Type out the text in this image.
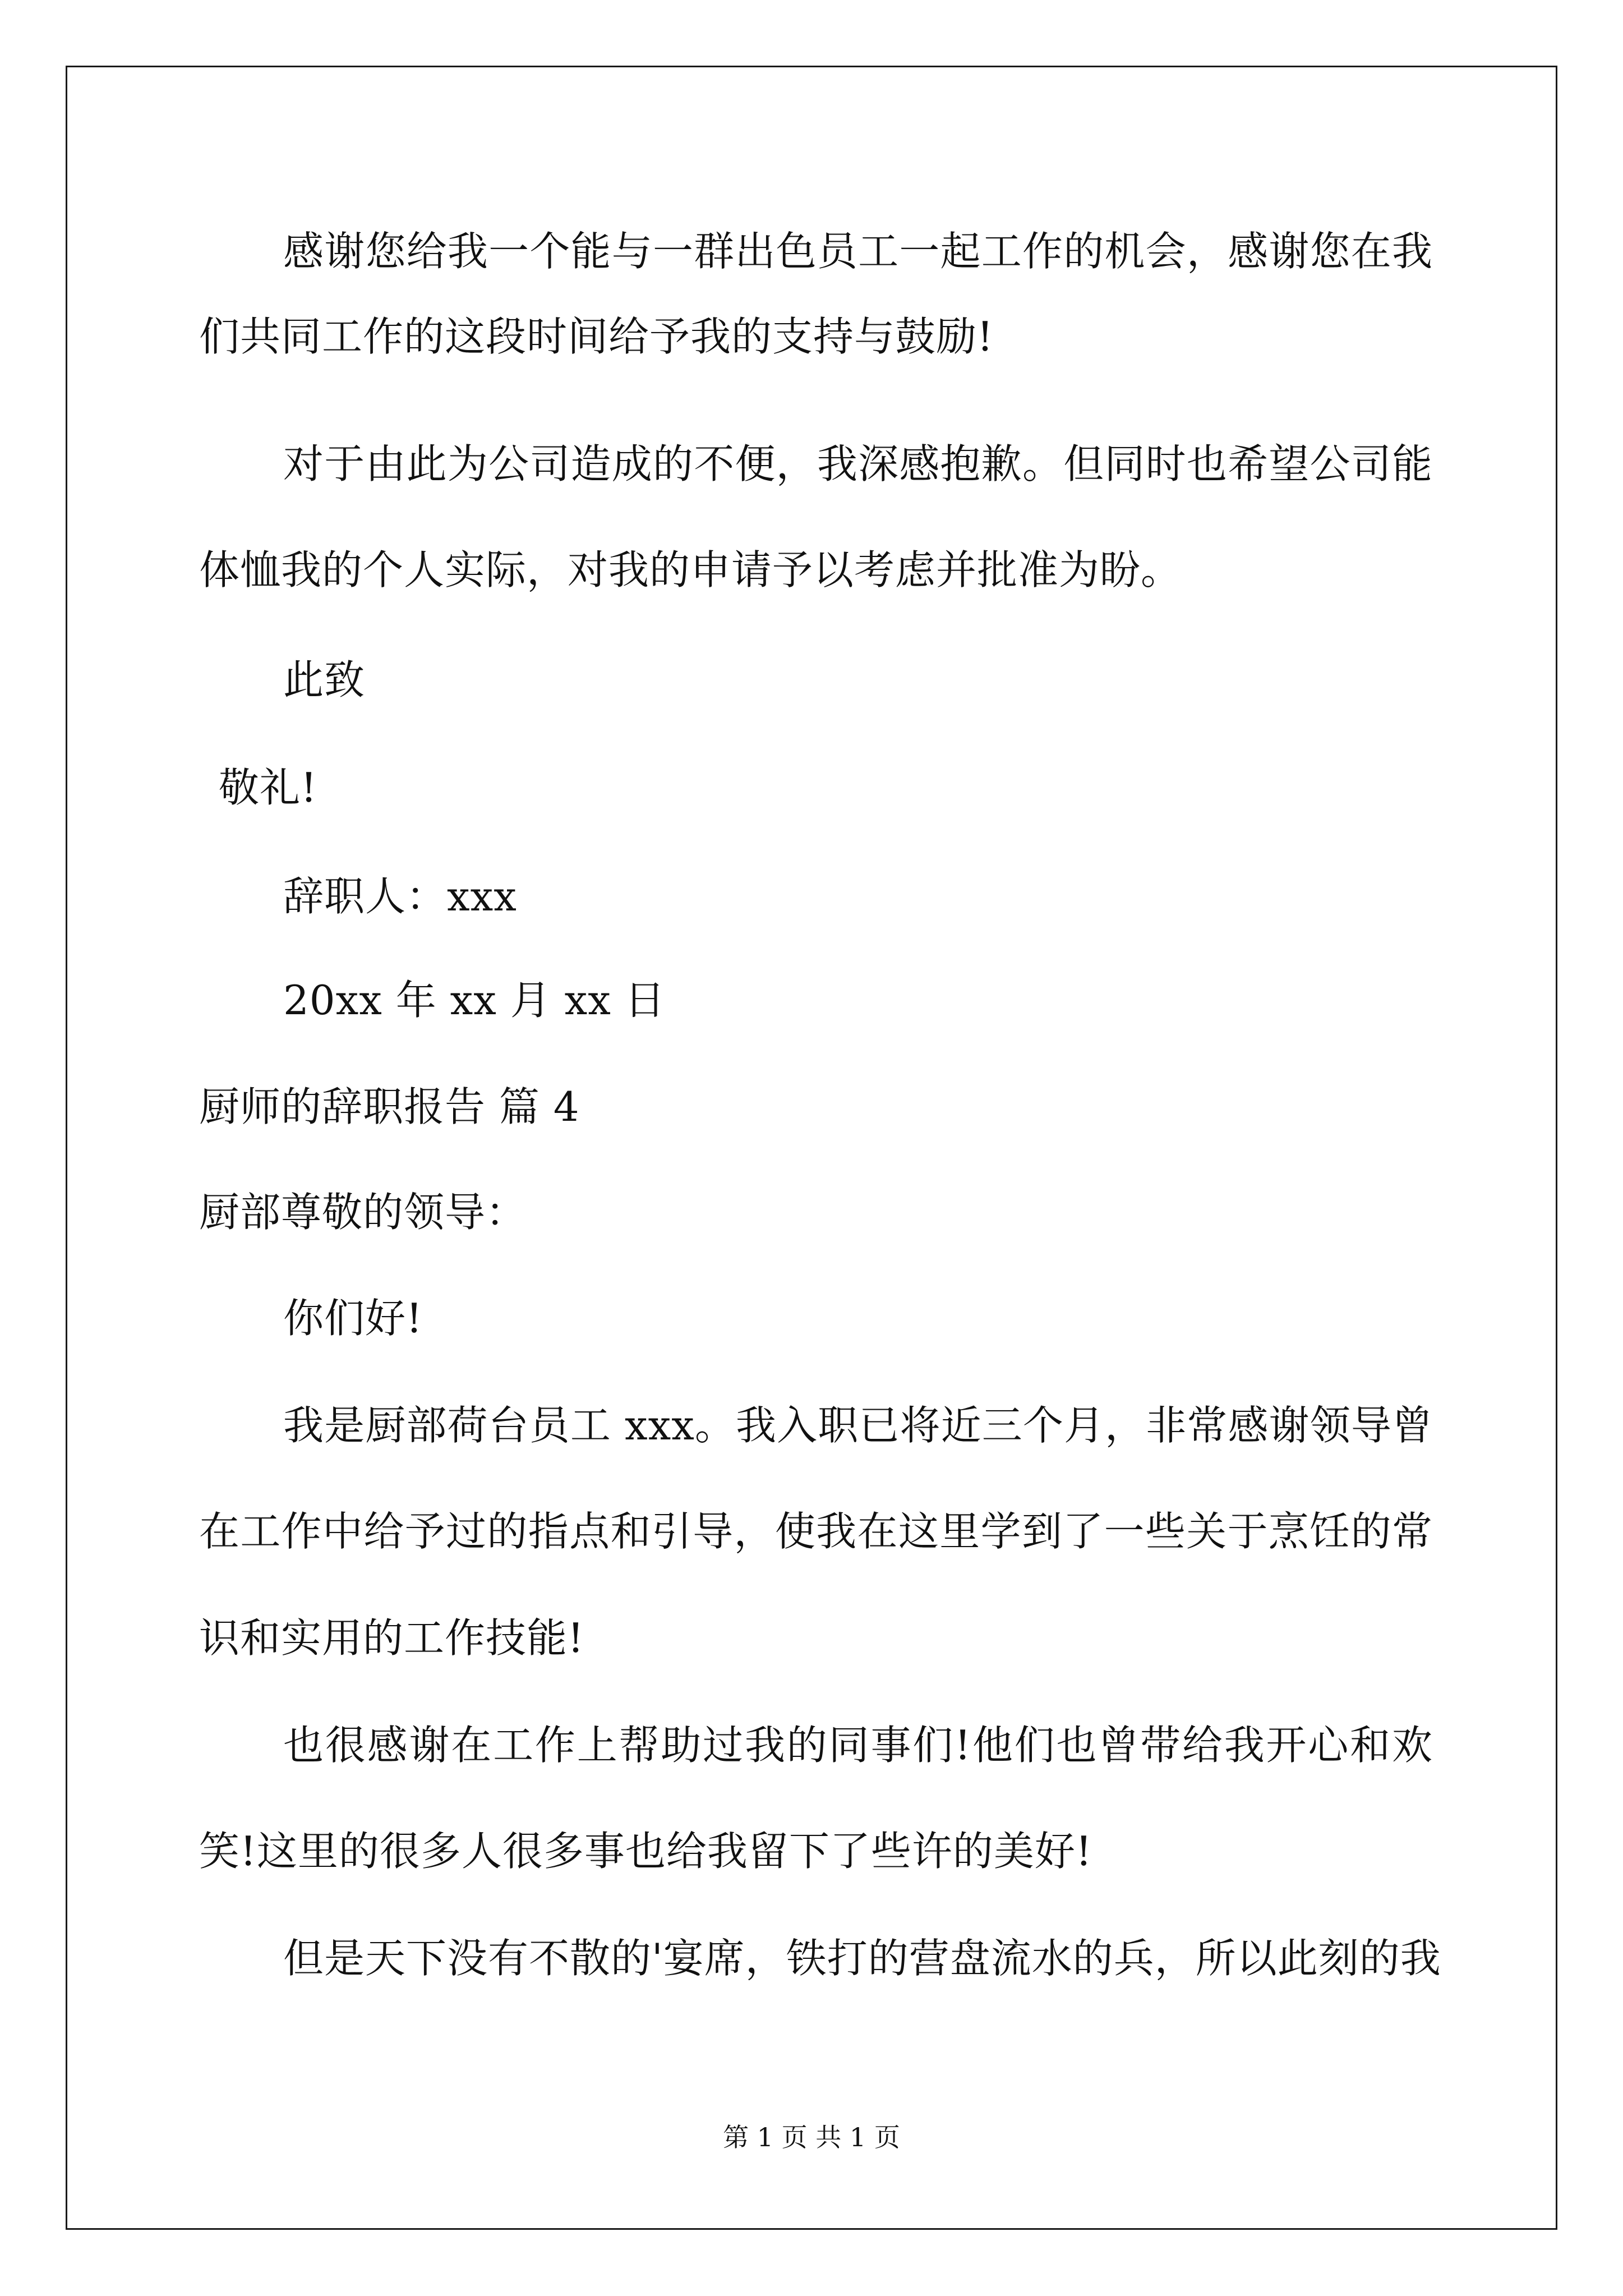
感谢您给我一个能与一群出色员工一起工作的机会，感谢您在我
们共同工作的这段时间给予我的支持与鼓励!
对于由此为公司造成的不便，我深感抱歉。但同时也希望公司能
体恤我的个人实际，对我的申请予以考虑并批准为盼。
此致
敬礼!
辞职人：xxx
20xx 年 xx 月 xx 日
厨师的辞职报告 篇 4
厨部尊敬的领导：
你们好!
我是厨部荷台员工 xxx。我入职已将近三个月，非常感谢领导曾
在工作中给予过的指点和引导，使我在这里学到了一些关于烹饪的常
识和实用的工作技能!
也很感谢在工作上帮助过我的同事们!他们也曾带给我开心和欢
笑!这里的很多人很多事也给我留下了些许的美好!
但是天下没有不散的'宴席，铁打的营盘流水的兵，所以此刻的我
第 1 页 共 1 页
